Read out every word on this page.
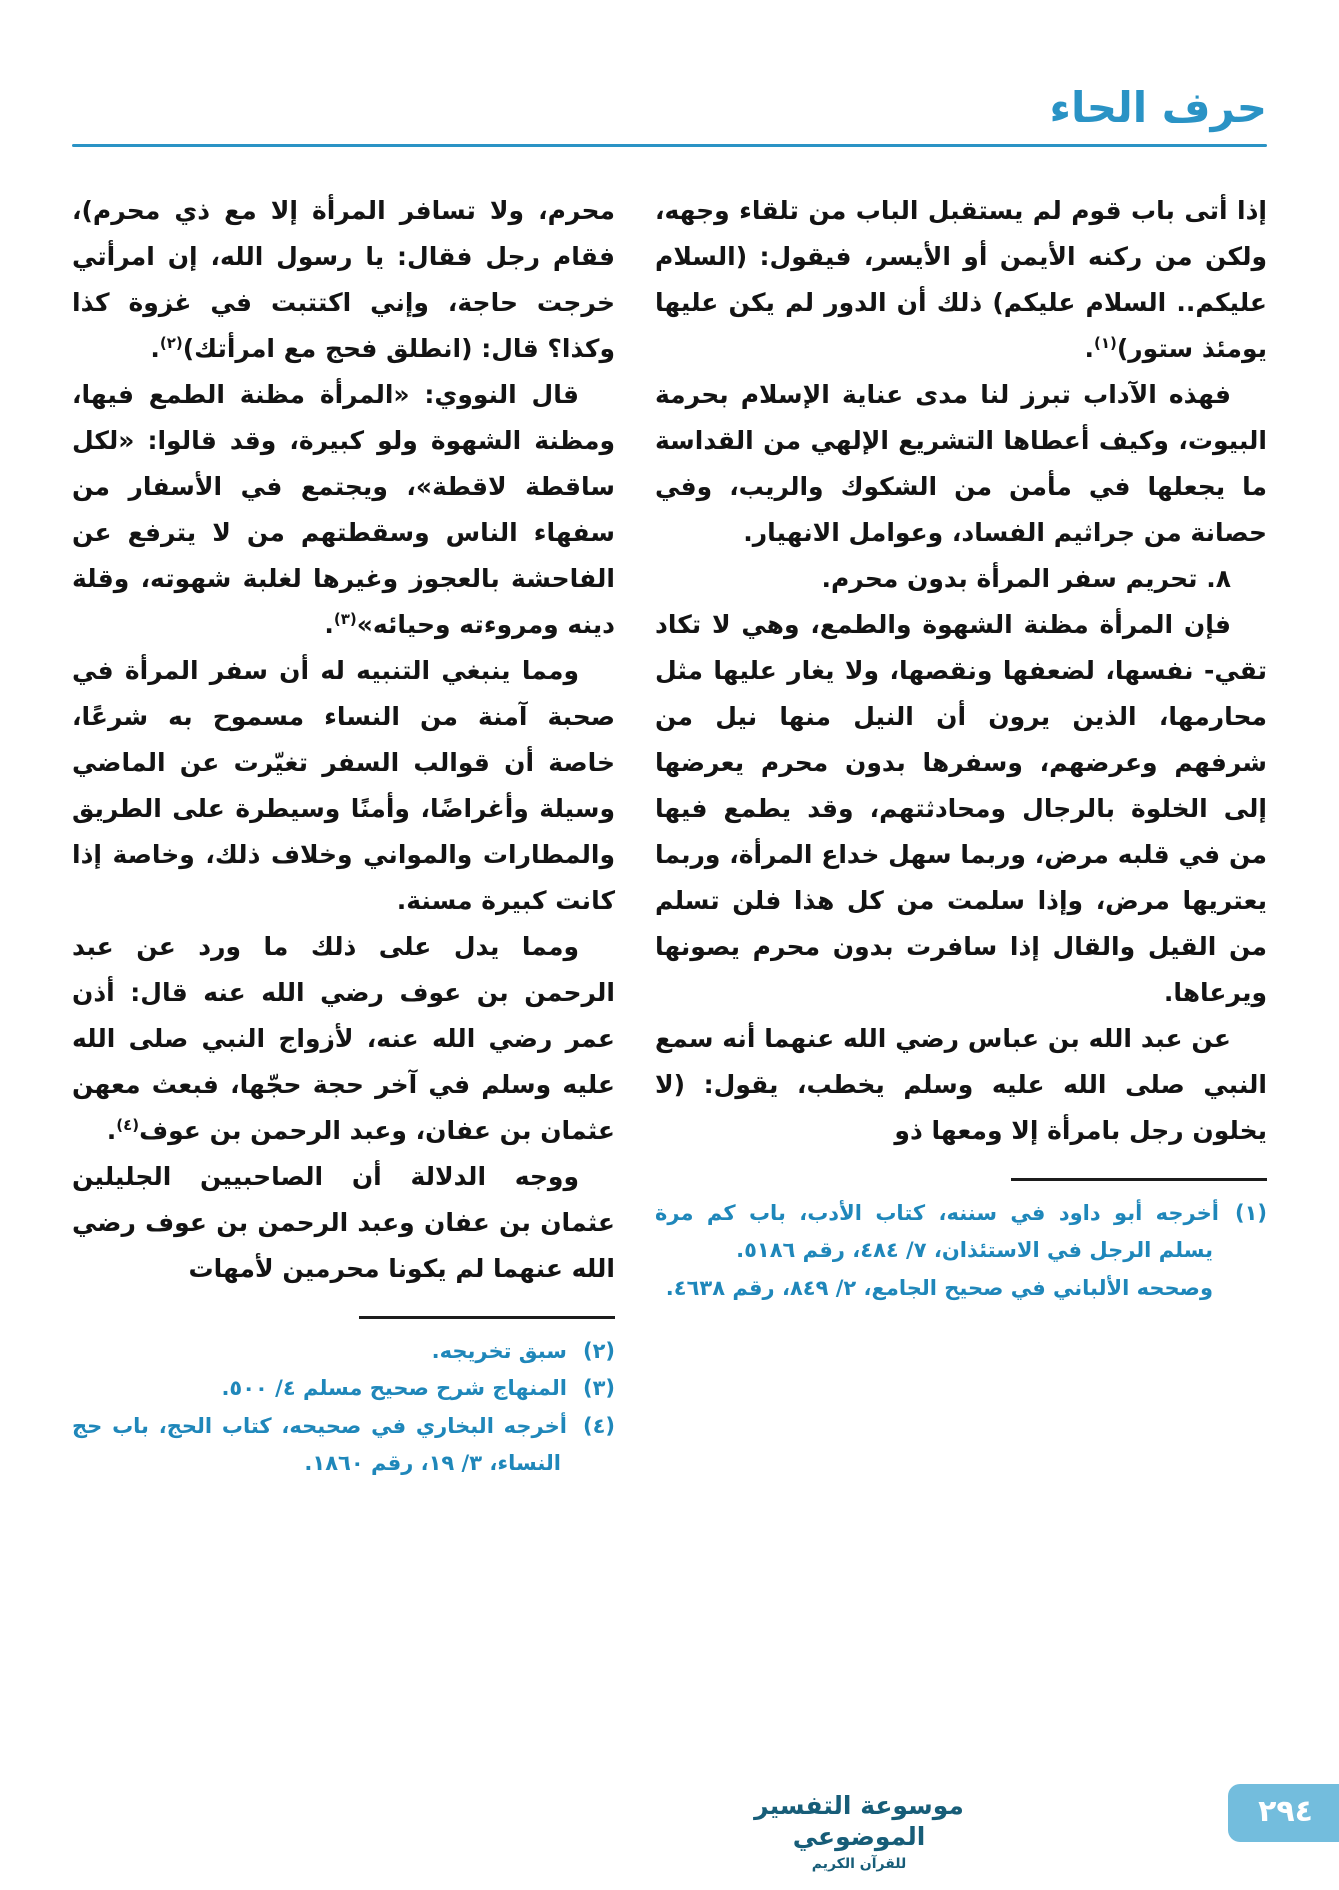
حرف الحاء

إذا أتى باب قوم لم يستقبل الباب من تلقاء وجهه، ولكن من ركنه الأيمن أو الأيسر، فيقول: (السلام عليكم.. السلام عليكم) ذلك أن الدور لم يكن عليها يومئذ ستور)$^{(١)}$.

فهذه الآداب تبرز لنا مدى عناية الإسلام بحرمة البيوت، وكيف أعطاها التشريع الإلهي من القداسة ما يجعلها في مأمن من الشكوك والريب، وفي حصانة من جراثيم الفساد، وعوامل الانهيار.

٨. تحريم سفر المرأة بدون محرم.

فإن المرأة مظنة الشهوة والطمع، وهي لا تكاد تقي- نفسها، لضعفها ونقصها، ولا يغار عليها مثل محارمها، الذين يرون أن النيل منها نيل من شرفهم وعرضهم، وسفرها بدون محرم يعرضها إلى الخلوة بالرجال ومحادثتهم، وقد يطمع فيها من في قلبه مرض، وربما سهل خداع المرأة، وربما يعتريها مرض، وإذا سلمت من كل هذا فلن تسلم من القيل والقال إذا سافرت بدون محرم يصونها ويرعاها.

عن عبد الله بن عباس رضي الله عنهما أنه سمع النبي صلى الله عليه وسلم يخطب، يقول: (لا يخلون رجل بامرأة إلا ومعها ذو

(١)أخرجه أبو داود في سننه، كتاب الأدب، باب كم مرة يسلم الرجل في الاستئذان، ٧/ ٤٨٤، رقم ٥١٨٦.
وصححه الألباني في صحيح الجامع، ٢/ ٨٤٩، رقم ٤٦٣٨.

محرم، ولا تسافر المرأة إلا مع ذي محرم)، فقام رجل فقال: يا رسول الله، إن امرأتي خرجت حاجة، وإني اكتتبت في غزوة كذا وكذا؟ قال: (انطلق فحج مع امرأتك)$^{(٢)}$.

قال النووي: «المرأة مظنة الطمع فيها، ومظنة الشهوة ولو كبيرة، وقد قالوا: «لكل ساقطة لاقطة»، ويجتمع في الأسفار من سفهاء الناس وسقطتهم من لا يترفع عن الفاحشة بالعجوز وغيرها لغلبة شهوته، وقلة دينه ومروءته وحيائه»$^{(٣)}$.

ومما ينبغي التنبيه له أن سفر المرأة في صحبة آمنة من النساء مسموح به شرعًا، خاصة أن قوالب السفر تغيّرت عن الماضي وسيلة وأغراضًا، وأمنًا وسيطرة على الطريق والمطارات والمواني وخلاف ذلك، وخاصة إذا كانت كبيرة مسنة.

ومما يدل على ذلك ما ورد عن عبد الرحمن بن عوف رضي الله عنه قال: أذن عمر رضي الله عنه، لأزواج النبي صلى الله عليه وسلم في آخر حجة حجّها، فبعث معهن عثمان بن عفان، وعبد الرحمن بن عوف$^{(٤)}$.

ووجه الدلالة أن الصاحبيين الجليلين عثمان بن عفان وعبد الرحمن بن عوف رضي الله عنهما لم يكونا محرمين لأمهات

(٢)سبق تخريجه.
(٣)المنهاج شرح صحيح مسلم ٤/ ٥٠٠.
(٤)أخرجه البخاري في صحيحه، كتاب الحج، باب حج النساء، ٣/ ١٩، رقم ١٨٦٠.
موسوعة التفسير الموضوعي
للقرآن الكريم
٢٩٤
